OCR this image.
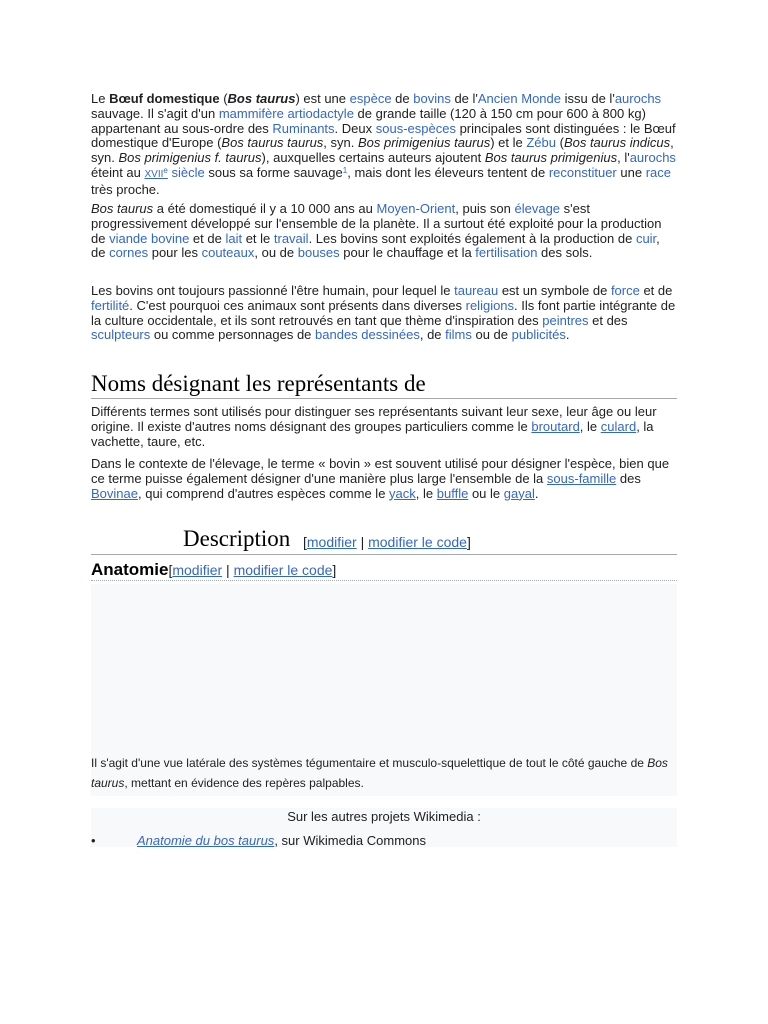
Le Bœuf domestique (Bos taurus) est une espèce de bovins de l'Ancien Monde issu de l'aurochs sauvage. Il s'agit d'un mammifère artiodactyle de grande taille (120 à 150 cm pour 600 à 800 kg) appartenant au sous-ordre des Ruminants. Deux sous-espèces principales sont distinguées : le Bœuf domestique d'Europe (Bos taurus taurus, syn. Bos primigenius taurus) et le Zébu (Bos taurus indicus, syn. Bos primigenius f. taurus), auxquelles certains auteurs ajoutent Bos taurus primigenius, l'aurochs éteint au XVIIe siècle sous sa forme sauvage$^1$, mais dont les éleveurs tentent de reconstituer une race très proche.

Bos taurus a été domestiqué il y a 10 000 ans au Moyen-Orient, puis son élevage s'est progressivement développé sur l'ensemble de la planète. Il a surtout été exploité pour la production de viande bovine et de lait et le travail. Les bovins sont exploités également à la production de cuir, de cornes pour les couteaux, ou de bouses pour le chauffage et la fertilisation des sols.

Les bovins ont toujours passionné l'être humain, pour lequel le taureau est un symbole de force et de fertilité. C'est pourquoi ces animaux sont présents dans diverses religions. Ils font partie intégrante de la culture occidentale, et ils sont retrouvés en tant que thème d'inspiration des peintres et des sculpteurs ou comme personnages de bandes dessinées, de films ou de publicités.

Noms désignant les représentants de

Différents termes sont utilisés pour distinguer ses représentants suivant leur sexe, leur âge ou leur origine. Il existe d'autres noms désignant des groupes particuliers comme le broutard, le culard, la vachette, taure, etc.

Dans le contexte de l'élevage, le terme « bovin » est souvent utilisé pour désigner l'espèce, bien que ce terme puisse également désigner d'une manière plus large l'ensemble de la sous-famille des Bovinae, qui comprend d'autres espèces comme le yack, le buffle ou le gayal.

Description [modifier | modifier le code]
Anatomie[modifier | modifier le code]
Il s'agit d'une vue latérale des systèmes tégumentaire et musculo-squelettique de tout le côté gauche de Bos taurus, mettant en évidence des repères palpables.
Sur les autres projets Wikimedia :
•	Anatomie du bos taurus, sur Wikimedia Commons
